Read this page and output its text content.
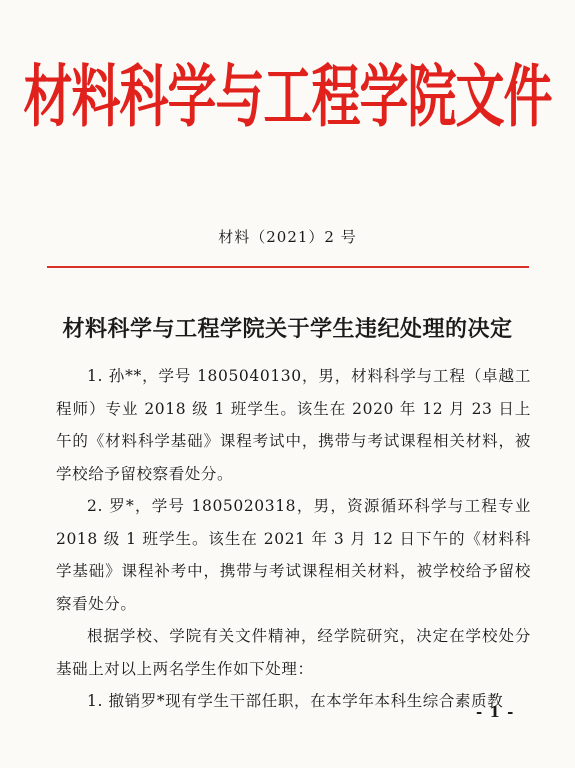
材料科学与工程学院文件
材料（2021）2 号
材料科学与工程学院关于学生违纪处理的决定

1. 孙**，学号 1805040130，男，材料科学与工程（卓越工程师）专业 2018 级 1 班学生。该生在 2020 年 12 月 23 日上午的《材料科学基础》课程考试中，携带与考试课程相关材料，被学校给予留校察看处分。

2. 罗*，学号 1805020318，男，资源循环科学与工程专业 2018 级 1 班学生。该生在 2021 年 3 月 12 日下午的《材料科学基础》课程补考中，携带与考试课程相关材料，被学校给予留校察看处分。

根据学校、学院有关文件精神，经学院研究，决定在学校处分基础上对以上两名学生作如下处理：

1. 撤销罗*现有学生干部任职，在本学年本科生综合素质教

- 1 -
